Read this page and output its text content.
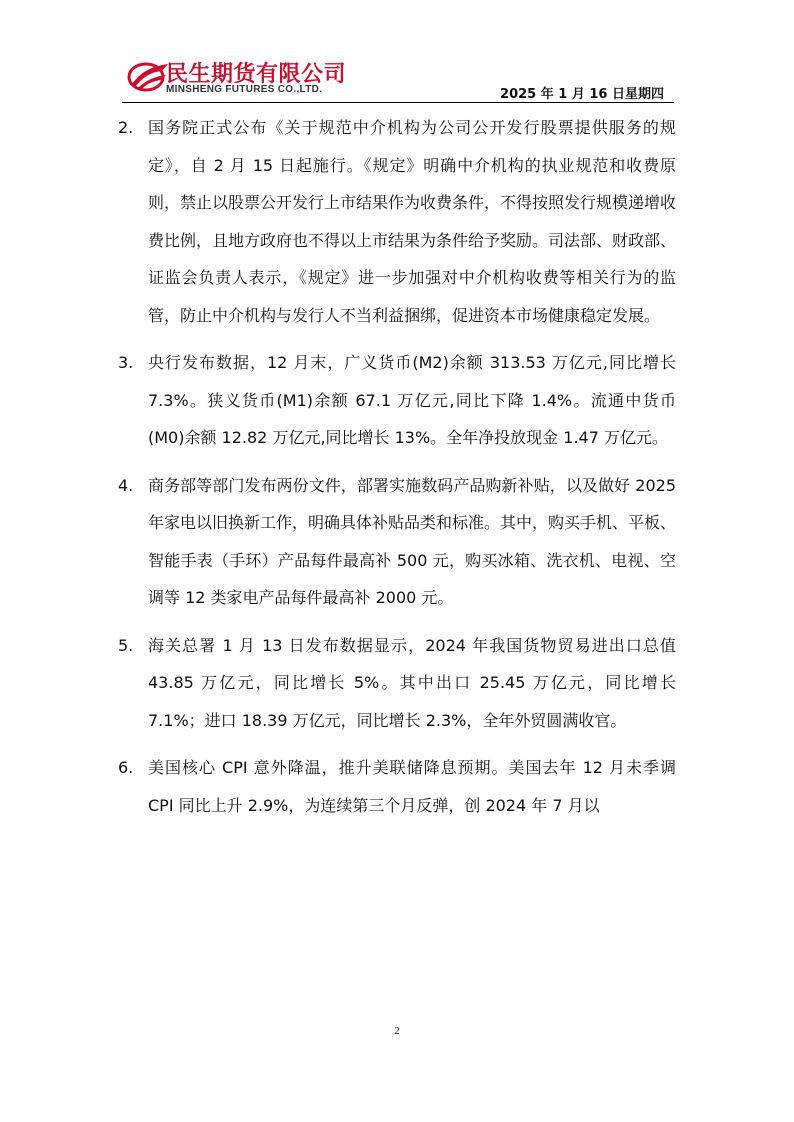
民生期货有限公司
MINSHENG FUTURES CO.,LTD.	2025 年 1 月 16 日星期四
2. 国务院正式公布《关于规范中介机构为公司公开发行股票提供服务的规定》，自 2 月 15 日起施行。《规定》明确中介机构的执业规范和收费原则，禁止以股票公开发行上市结果作为收费条件，不得按照发行规模递增收费比例，且地方政府也不得以上市结果为条件给予奖励。司法部、财政部、证监会负责人表示，《规定》进一步加强对中介机构收费等相关行为的监管，防止中介机构与发行人不当利益捆绑，促进资本市场健康稳定发展。
3. 央行发布数据，12 月末，广义货币(M2)余额 313.53 万亿元,同比增长 7.3%。狭义货币(M1)余额 67.1 万亿元,同比下降 1.4%。流通中货币(M0)余额 12.82 万亿元,同比增长 13%。全年净投放现金 1.47 万亿元。
4. 商务部等部门发布两份文件，部署实施数码产品购新补贴，以及做好 2025 年家电以旧换新工作，明确具体补贴品类和标准。其中，购买手机、平板、智能手表（手环）产品每件最高补 500 元，购买冰箱、洗衣机、电视、空调等 12 类家电产品每件最高补 2000 元。
5. 海关总署 1 月 13 日发布数据显示，2024 年我国货物贸易进出口总值 43.85 万亿元，同比增长 5%。其中出口 25.45 万亿元，同比增长 7.1%；进口 18.39 万亿元，同比增长 2.3%，全年外贸圆满收官。
6. 美国核心 CPI 意外降温，推升美联储降息预期。美国去年 12 月未季调 CPI 同比上升 2.9%，为连续第三个月反弹，创 2024 年 7 月以
2
